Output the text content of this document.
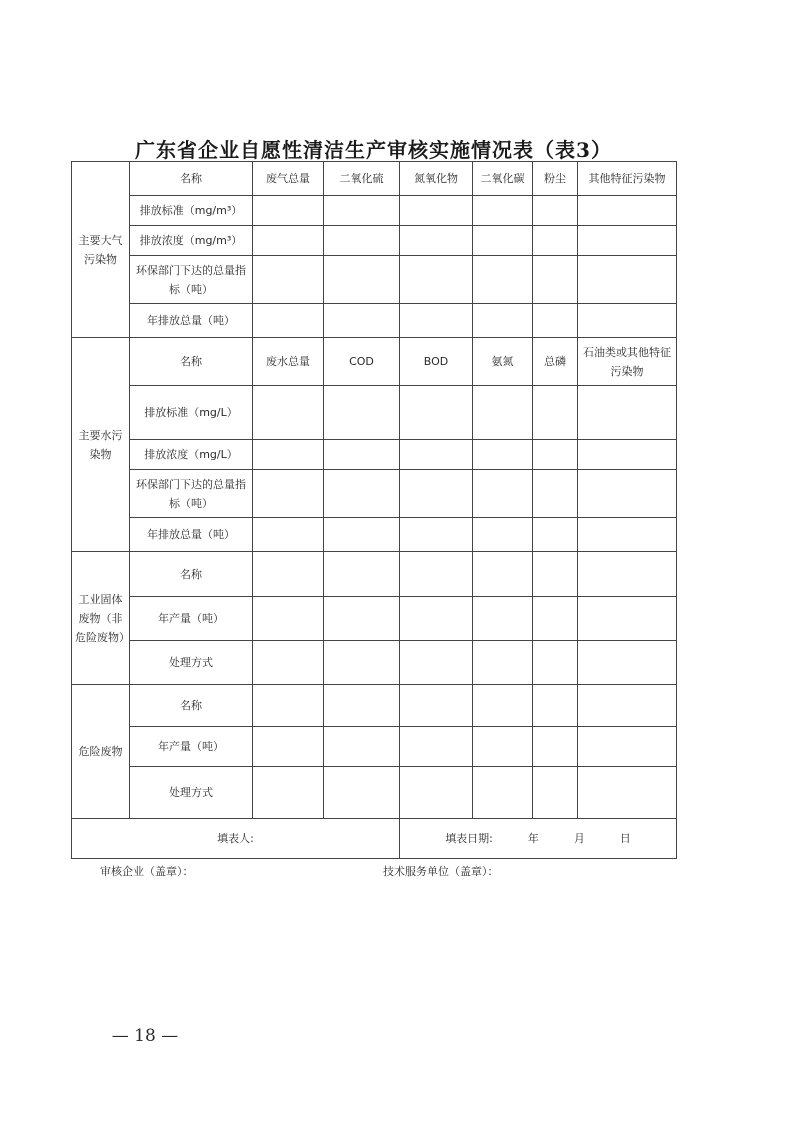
广东省企业自愿性清洁生产审核实施情况表（表3）
主要大气污染物	名称	废气总量	二氧化硫	氮氧化物	二氧化碳	粉尘	其他特征污染物
	排放标准（mg/m³）						
	排放浓度（mg/m³）						
	环保部门下达的总量指标（吨）						
	年排放总量（吨）						
主要水污染物	名称	废水总量	COD	BOD	氨氮	总磷	石油类或其他特征污染物
	排放标准（mg/L）						
	排放浓度（mg/L）						
	环保部门下达的总量指标（吨）						
	年排放总量（吨）						
工业固体废物（非危险废物）	名称						
	年产量（吨）						
	处理方式						
危险废物	名称						
	年产量（吨）						
	处理方式						
填表人:				填表日期:          年          月          日			
审核企业（盖章）：	技术服务单位（盖章）：
— 18 —
